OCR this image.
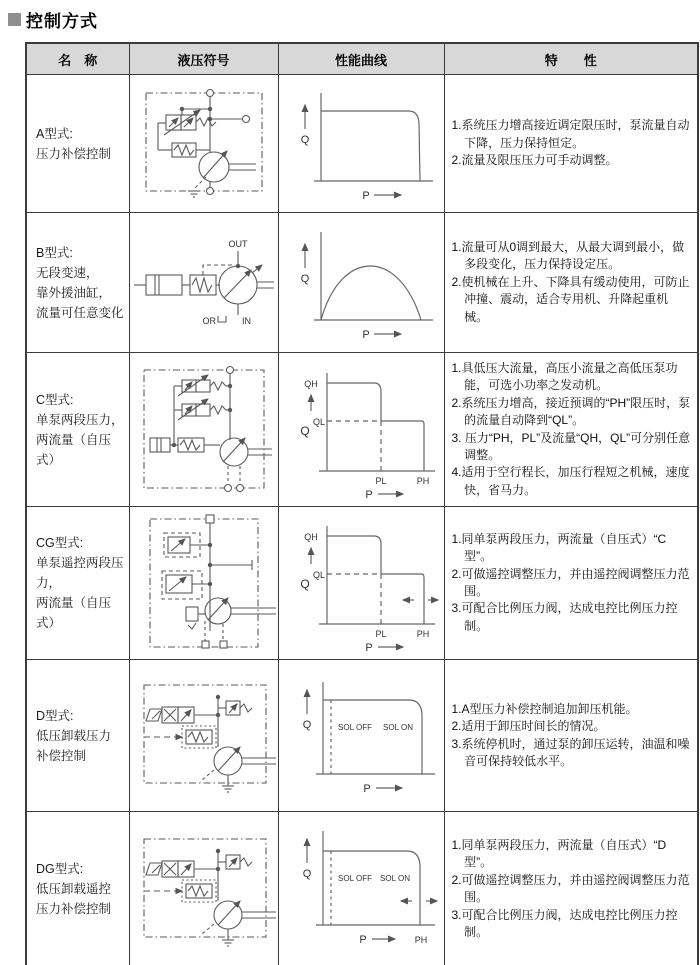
控制方式
名　称	液压符号	性能曲线	特　　性

A型式:
压力补偿控制

Q
P

1.系统压力增高接近调定限压时，泵流量自动下降，压力保持恒定。
2.流量及限压压力可手动调整。

B型式:
无段变速，
靠外援油缸，
流量可任意变化

OUT
OR	IN

Q
P

1.流量可从0调到最大，从最大调到最小，做多段变化，压力保持设定压。
2.使机械在上升、下降具有缓动使用，可防止冲撞、震动，适合专用机、升降起重机械。

C型式:
单泵两段压力，
两流量（自压式）

QH
QL
Q
PL	PH
P

1.具低压大流量，高压小流量之高低压泵功能，可选小功率之发动机。
2.系统压力增高，接近预调的“PH”限压时，泵的流量自动降到“QL”。
3. 压力“PH，PL”及流量“QH，QL”可分别任意调整。
4.适用于空行程长，加压行程短之机械，速度快，省马力。

CG型式:
单泵遥控两段压力，
两流量（自压式）

QH
QL
Q
PL	PH
P

1.同单泵两段压力，两流量（自压式）“C型”。
2.可做遥控调整压力，并由遥控阀调整压力范围。
3.可配合比例压力阀，达成电控比例压力控制。

D型式:
低压卸载压力
补偿控制

Q	SOL OFF SOL ON
P

1.A型压力补偿控制追加卸压机能。
2.适用于卸压时间长的情况。
3.系统停机时，通过泵的卸压运转，油温和噪音可保持较低水平。

DG型式:
低压卸载遥控
压力补偿控制

Q	SOL OFF SOL ON
P	PH

1.同单泵两段压力，两流量（自压式）“D型”。
2.可做遥控调整压力，并由遥控阀调整压力范围。
3.可配合比例压力阀，达成电控比例压力控制。
